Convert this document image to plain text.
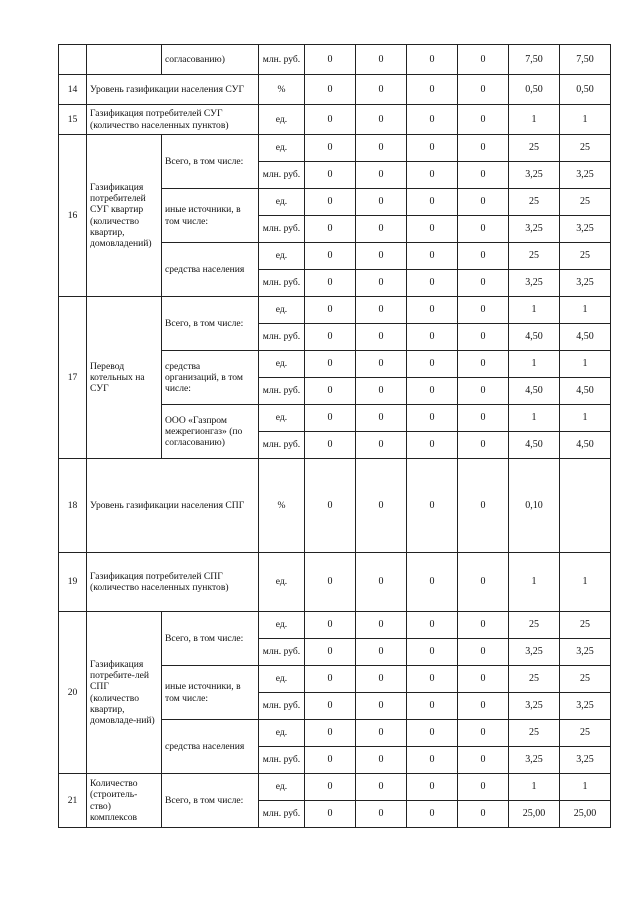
		согласованию)	млн. руб.	0	0	0	0	7,50	7,50
14	Уровень газификации населения СУГ		%	0	0	0	0	0,50	0,50
15	Газификация потребителей СУГ (количество населенных пунктов)		ед.	0	0	0	0	1	1
16	Газификация потребителей СУГ квартир (количество квартир, домовладений)	Всего, в том числе:	ед.	0	0	0	0	25	25
			млн. руб.	0	0	0	0	3,25	3,25
		иные источники, в том числе:	ед.	0	0	0	0	25	25
			млн. руб.	0	0	0	0	3,25	3,25
		средства населения	ед.	0	0	0	0	25	25
			млн. руб.	0	0	0	0	3,25	3,25
17	Перевод котельных на СУГ	Всего, в том числе:	ед.	0	0	0	0	1	1
			млн. руб.	0	0	0	0	4,50	4,50
		средства организаций, в том числе:	ед.	0	0	0	0	1	1
			млн. руб.	0	0	0	0	4,50	4,50
		ООО «Газпром межрегионгаз» (по согласованию)	ед.	0	0	0	0	1	1
			млн. руб.	0	0	0	0	4,50	4,50
18	Уровень газификации населения СПГ		%	0	0	0	0	0,10	
19	Газификация потребителей СПГ (количество населенных пунктов)		ед.	0	0	0	0	1	1
20	Газификация потребите-лей СПГ (количество квартир, домовладе-ний)	Всего, в том числе:	ед.	0	0	0	0	25	25
			млн. руб.	0	0	0	0	3,25	3,25
		иные источники, в том числе:	ед.	0	0	0	0	25	25
			млн. руб.	0	0	0	0	3,25	3,25
		средства населения	ед.	0	0	0	0	25	25
			млн. руб.	0	0	0	0	3,25	3,25
21	Количество (строитель-ство) комплексов	Всего, в том числе:	ед.	0	0	0	0	1	1
			млн. руб.	0	0	0	0	25,00	25,00
